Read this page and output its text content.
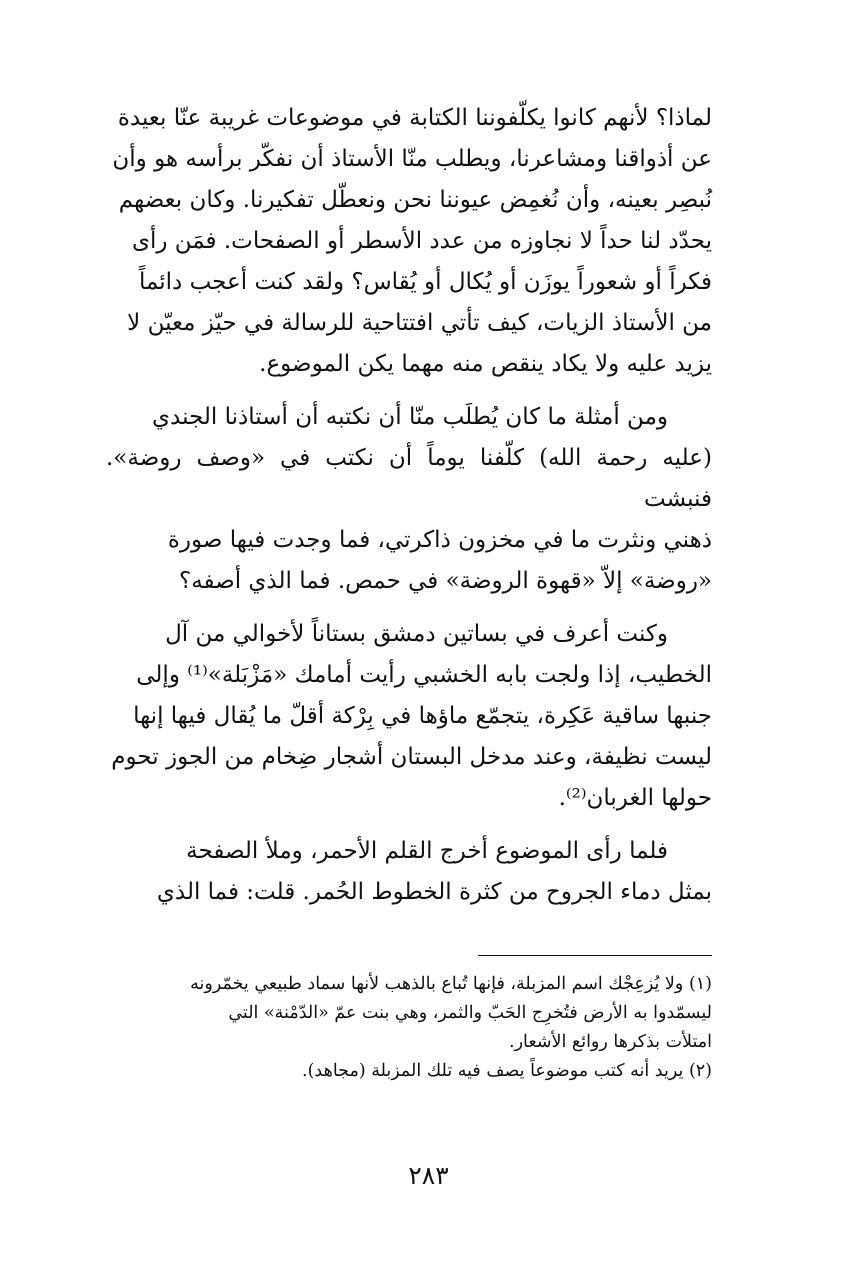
لماذا؟ لأنهم كانوا يكلّفوننا الكتابة في موضوعات غريبة عنّا بعيدة
عن أذواقنا ومشاعرنا، ويطلب منّا الأستاذ أن نفكّر برأسه هو وأن
نُبصِر بعينه، وأن نُغمِض عيوننا نحن ونعطّل تفكيرنا. وكان بعضهم
يحدّد لنا حداً لا نجاوزه من عدد الأسطر أو الصفحات. فمَن رأى
فكراً أو شعوراً يوزَن أو يُكال أو يُقاس؟ ولقد كنت أعجب دائماً
من الأستاذ الزيات، كيف تأتي افتتاحية للرسالة في حيّز معيّن لا
يزيد عليه ولا يكاد ينقص منه مهما يكن الموضوع.

ومن أمثلة ما كان يُطلَب منّا أن نكتبه أن أستاذنا الجندي
(عليه رحمة الله) كلّفنا يوماً أن نكتب في «وصف روضة». فنبشت
ذهني ونثرت ما في مخزون ذاكرتي، فما وجدت فيها صورة
«روضة» إلاّ «قهوة الروضة» في حمص. فما الذي أصفه؟

وكنت أعرف في بساتين دمشق بستاناً لأخوالي من آل
الخطيب، إذا ولجت بابه الخشبي رأيت أمامك «مَزْبَلة»⁽¹⁾ وإلى
جنبها ساقية عَكِرة، يتجمّع ماؤها في بِرْكة أقلّ ما يُقال فيها إنها
ليست نظيفة، وعند مدخل البستان أشجار ضِخام من الجوز تحوم
حولها الغربان⁽²⁾.

فلما رأى الموضوع أخرج القلم الأحمر، وملأ الصفحة
بمثل دماء الجروح من كثرة الخطوط الحُمر. قلت: فما الذي

(١) ولا يُزعِجْك اسم المزبلة، فإنها تُباع بالذهب لأنها سماد طبيعي يخمّرونه
ليسمّدوا به الأرض فتُخرِج الحَبّ والثمر، وهي بنت عمّ «الدّمْنة» التي
امتلأت بذكرها روائع الأشعار.

(٢) يريد أنه كتب موضوعاً يصف فيه تلك المزبلة (مجاهد).

٢٨٣
